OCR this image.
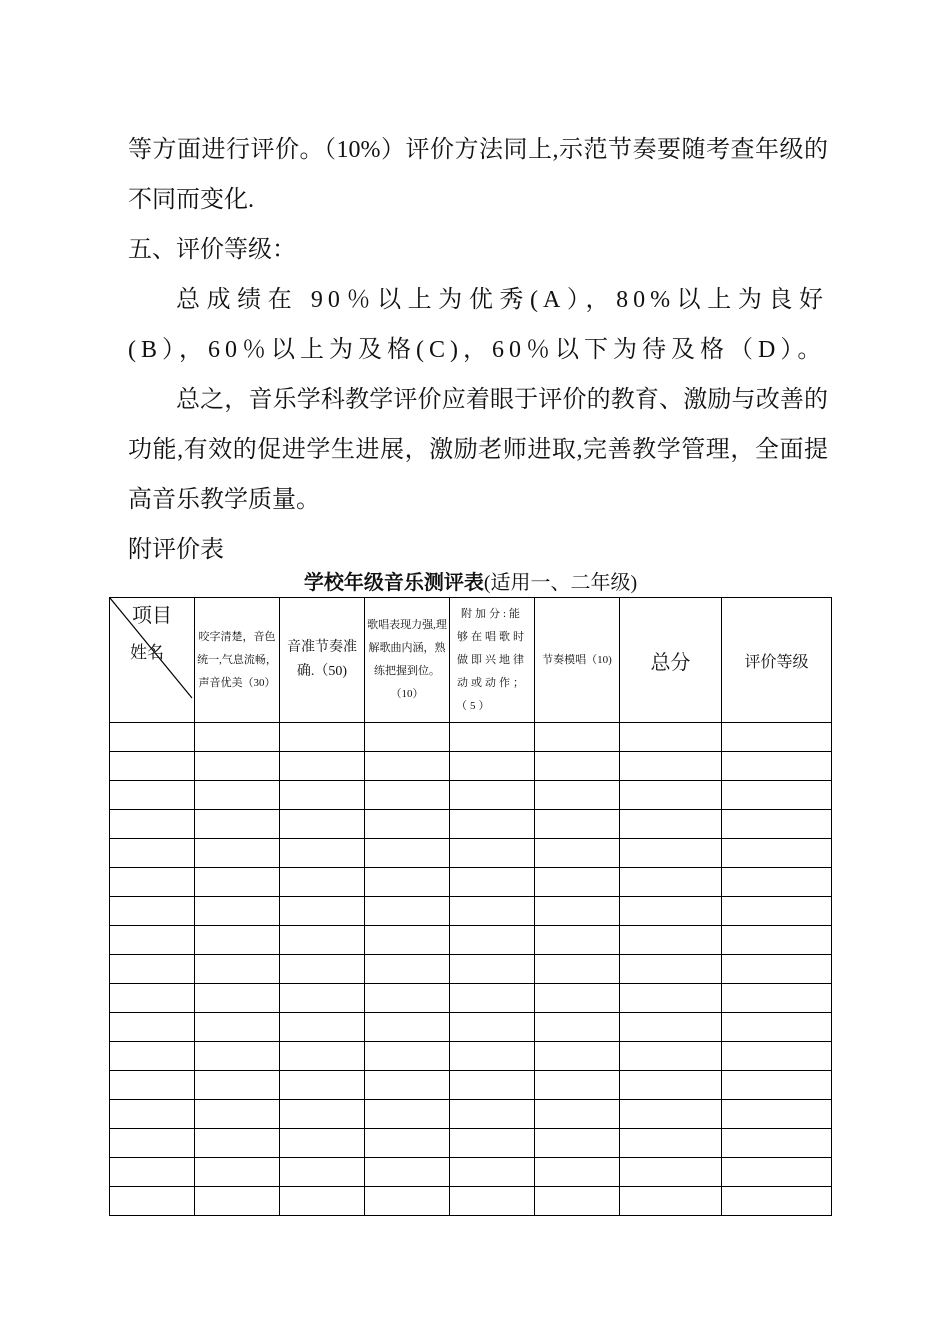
等方面进行评价。（10%）评价方法同上,示范节奏要随考查年级的不同而变化.

五、评价等级：

总成绩在 90％以上为优秀(A），80%以上为良好(B），60％以上为及格(C)，60％以下为待及格（D）。

总之，音乐学科教学评价应着眼于评价的教育、激励与改善的功能,有效的促进学生进展，激励老师进取,完善教学管理，全面提高音乐教学质量。

附评价表

学校年级音乐测评表(适用一、二年级)
项目
姓名	咬字清楚，音色统一,气息流畅，声音优美（30）	音准节奏准确.（50)	歌唱表现力强,理解歌曲内涵，熟练把握到位。（10）	附加分:能够在唱歌时做即兴地律动或动作；（5）	节奏模唱（10)	总分	评价等级
